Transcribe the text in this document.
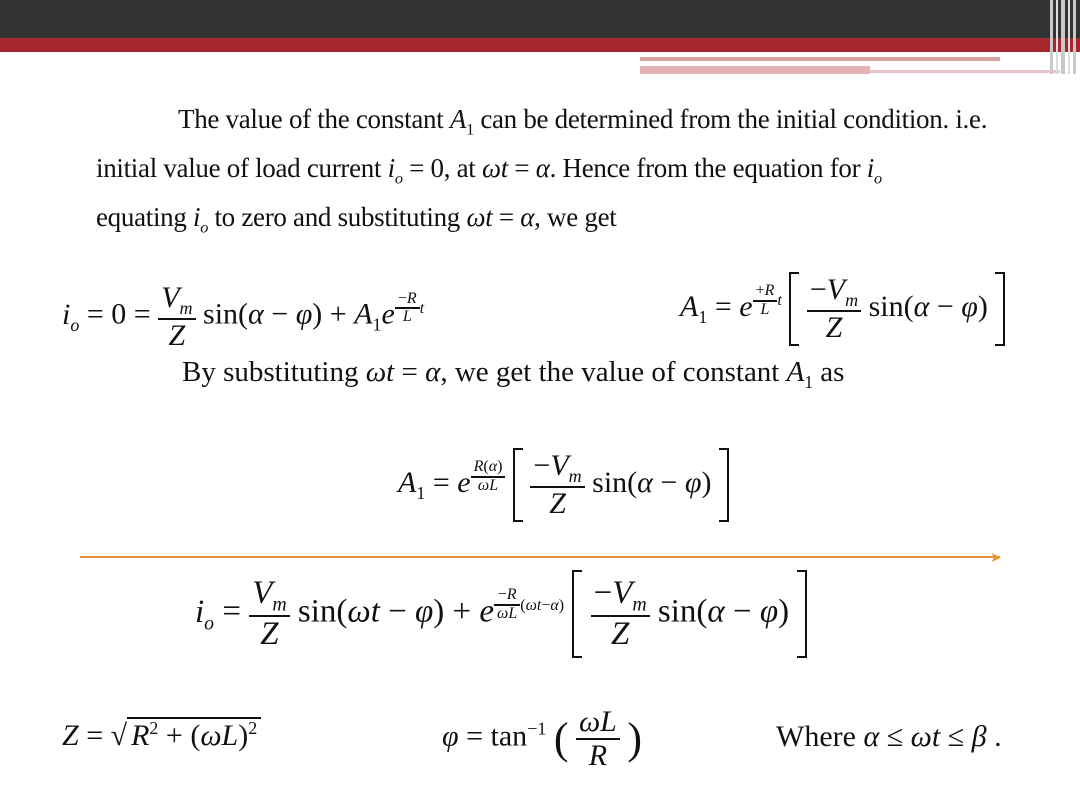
The value of the constant $A_1$ can be determined from the initial condition. i.e.
initial value of load current $i_o = 0$, at ωt = α. Hence from the equation for $i_o$
equating $i_o$ to zero and substituting ωt = α, we get
$i_o = 0 = \frac{V_m}{Z} \sin(\alpha - \varphi) + A_1e$ $^{\frac{-R}{L} t}$	$A_1 = e$ $^{\frac{+R}{L} t} \frac{-V_m}{Z} \sin(\alpha - \varphi)$
By substituting ωt = α, we get the value of constant $A_1$ as
$A_1 = e$ $^{\frac{R(\alpha)}{\omega L}}$
$\frac{-V_m}{Z} \sin(\alpha - \varphi)$
➤
$i_o = \frac{V_m}{Z} \sin(\omega t - \varphi) + e$ $^{\frac{-R}{\omega L} (\omega t-\alpha)} \frac{-V_m}{Z} \sin(\alpha - \varphi)$
Z = √ $R^2 + (\omega L)^2$	$\varphi = \tan^{-1}$ ( $\frac{\omega L}{R}$ )	Where α ≤ ωt ≤ β .
